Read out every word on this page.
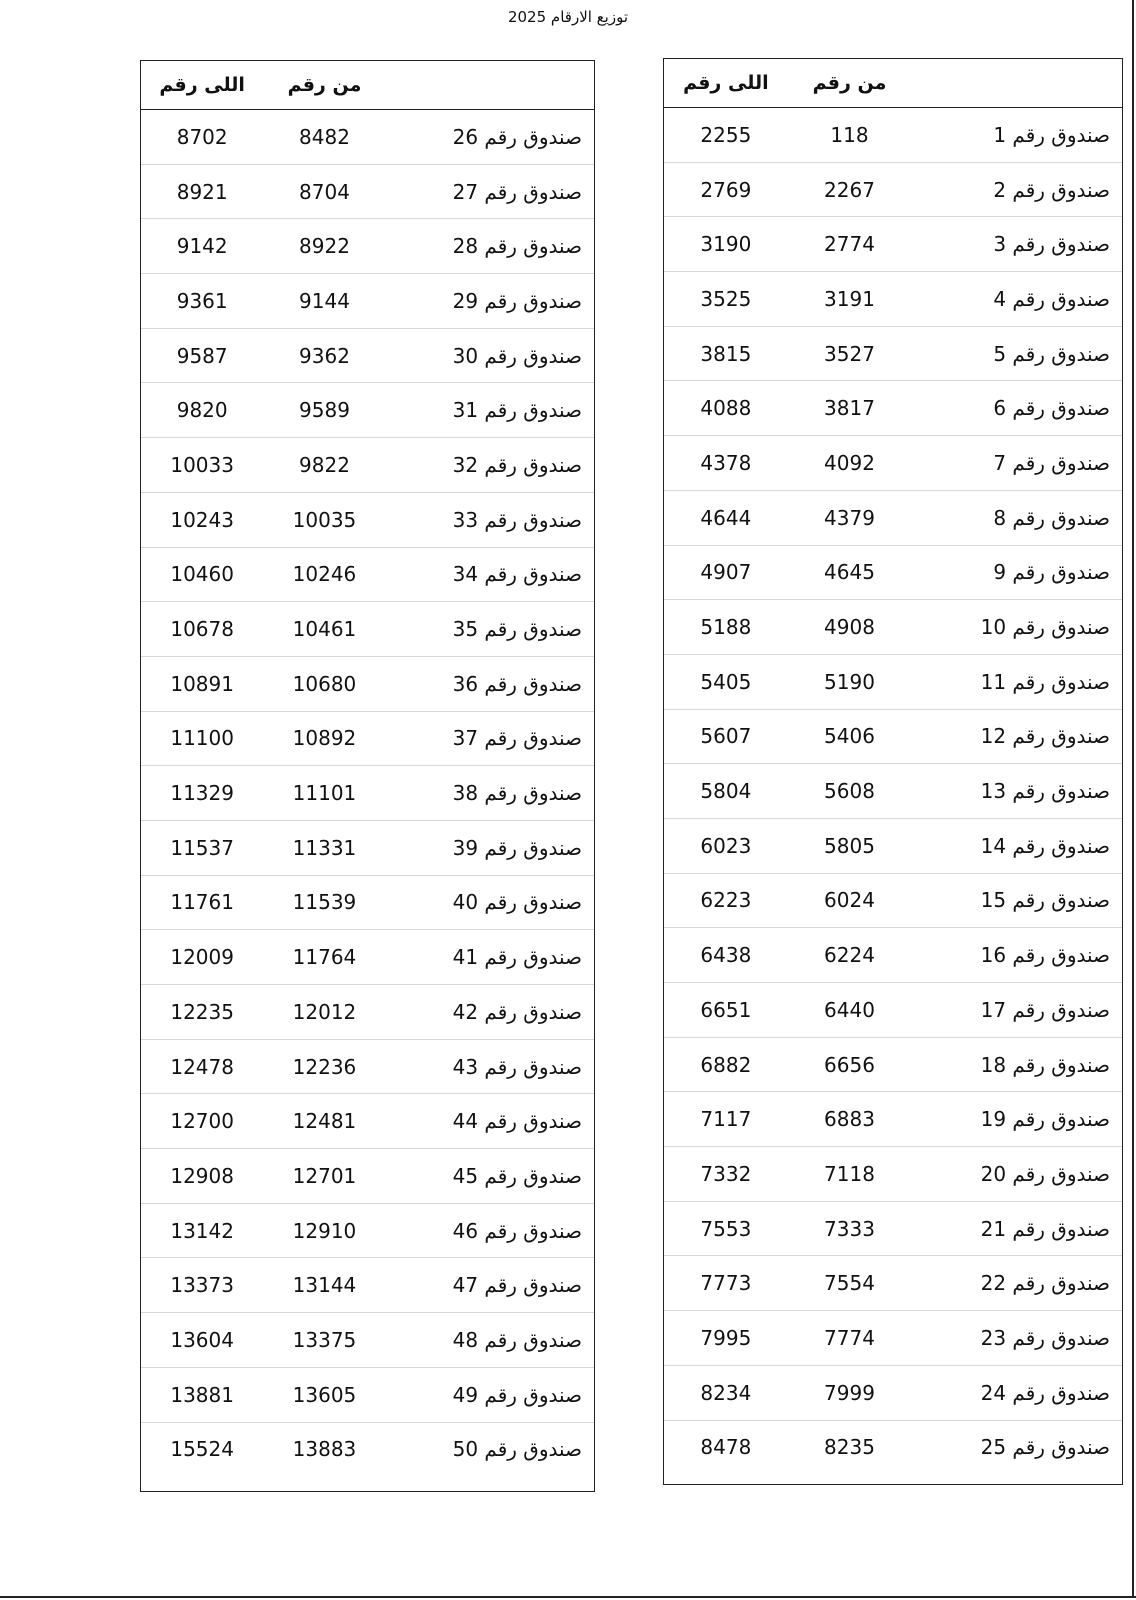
توزيع الارقام 2025
من رقم
اللى رقم
صندوق رقم 1
118
2255
صندوق رقم 2
2267
2769
صندوق رقم 3
2774
3190
صندوق رقم 4
3191
3525
صندوق رقم 5
3527
3815
صندوق رقم 6
3817
4088
صندوق رقم 7
4092
4378
صندوق رقم 8
4379
4644
صندوق رقم 9
4645
4907
صندوق رقم 10
4908
5188
صندوق رقم 11
5190
5405
صندوق رقم 12
5406
5607
صندوق رقم 13
5608
5804
صندوق رقم 14
5805
6023
صندوق رقم 15
6024
6223
صندوق رقم 16
6224
6438
صندوق رقم 17
6440
6651
صندوق رقم 18
6656
6882
صندوق رقم 19
6883
7117
صندوق رقم 20
7118
7332
صندوق رقم 21
7333
7553
صندوق رقم 22
7554
7773
صندوق رقم 23
7774
7995
صندوق رقم 24
7999
8234
صندوق رقم 25
8235
8478
من رقم
اللى رقم
صندوق رقم 26
8482
8702
صندوق رقم 27
8704
8921
صندوق رقم 28
8922
9142
صندوق رقم 29
9144
9361
صندوق رقم 30
9362
9587
صندوق رقم 31
9589
9820
صندوق رقم 32
9822
10033
صندوق رقم 33
10035
10243
صندوق رقم 34
10246
10460
صندوق رقم 35
10461
10678
صندوق رقم 36
10680
10891
صندوق رقم 37
10892
11100
صندوق رقم 38
11101
11329
صندوق رقم 39
11331
11537
صندوق رقم 40
11539
11761
صندوق رقم 41
11764
12009
صندوق رقم 42
12012
12235
صندوق رقم 43
12236
12478
صندوق رقم 44
12481
12700
صندوق رقم 45
12701
12908
صندوق رقم 46
12910
13142
صندوق رقم 47
13144
13373
صندوق رقم 48
13375
13604
صندوق رقم 49
13605
13881
صندوق رقم 50
13883
15524
